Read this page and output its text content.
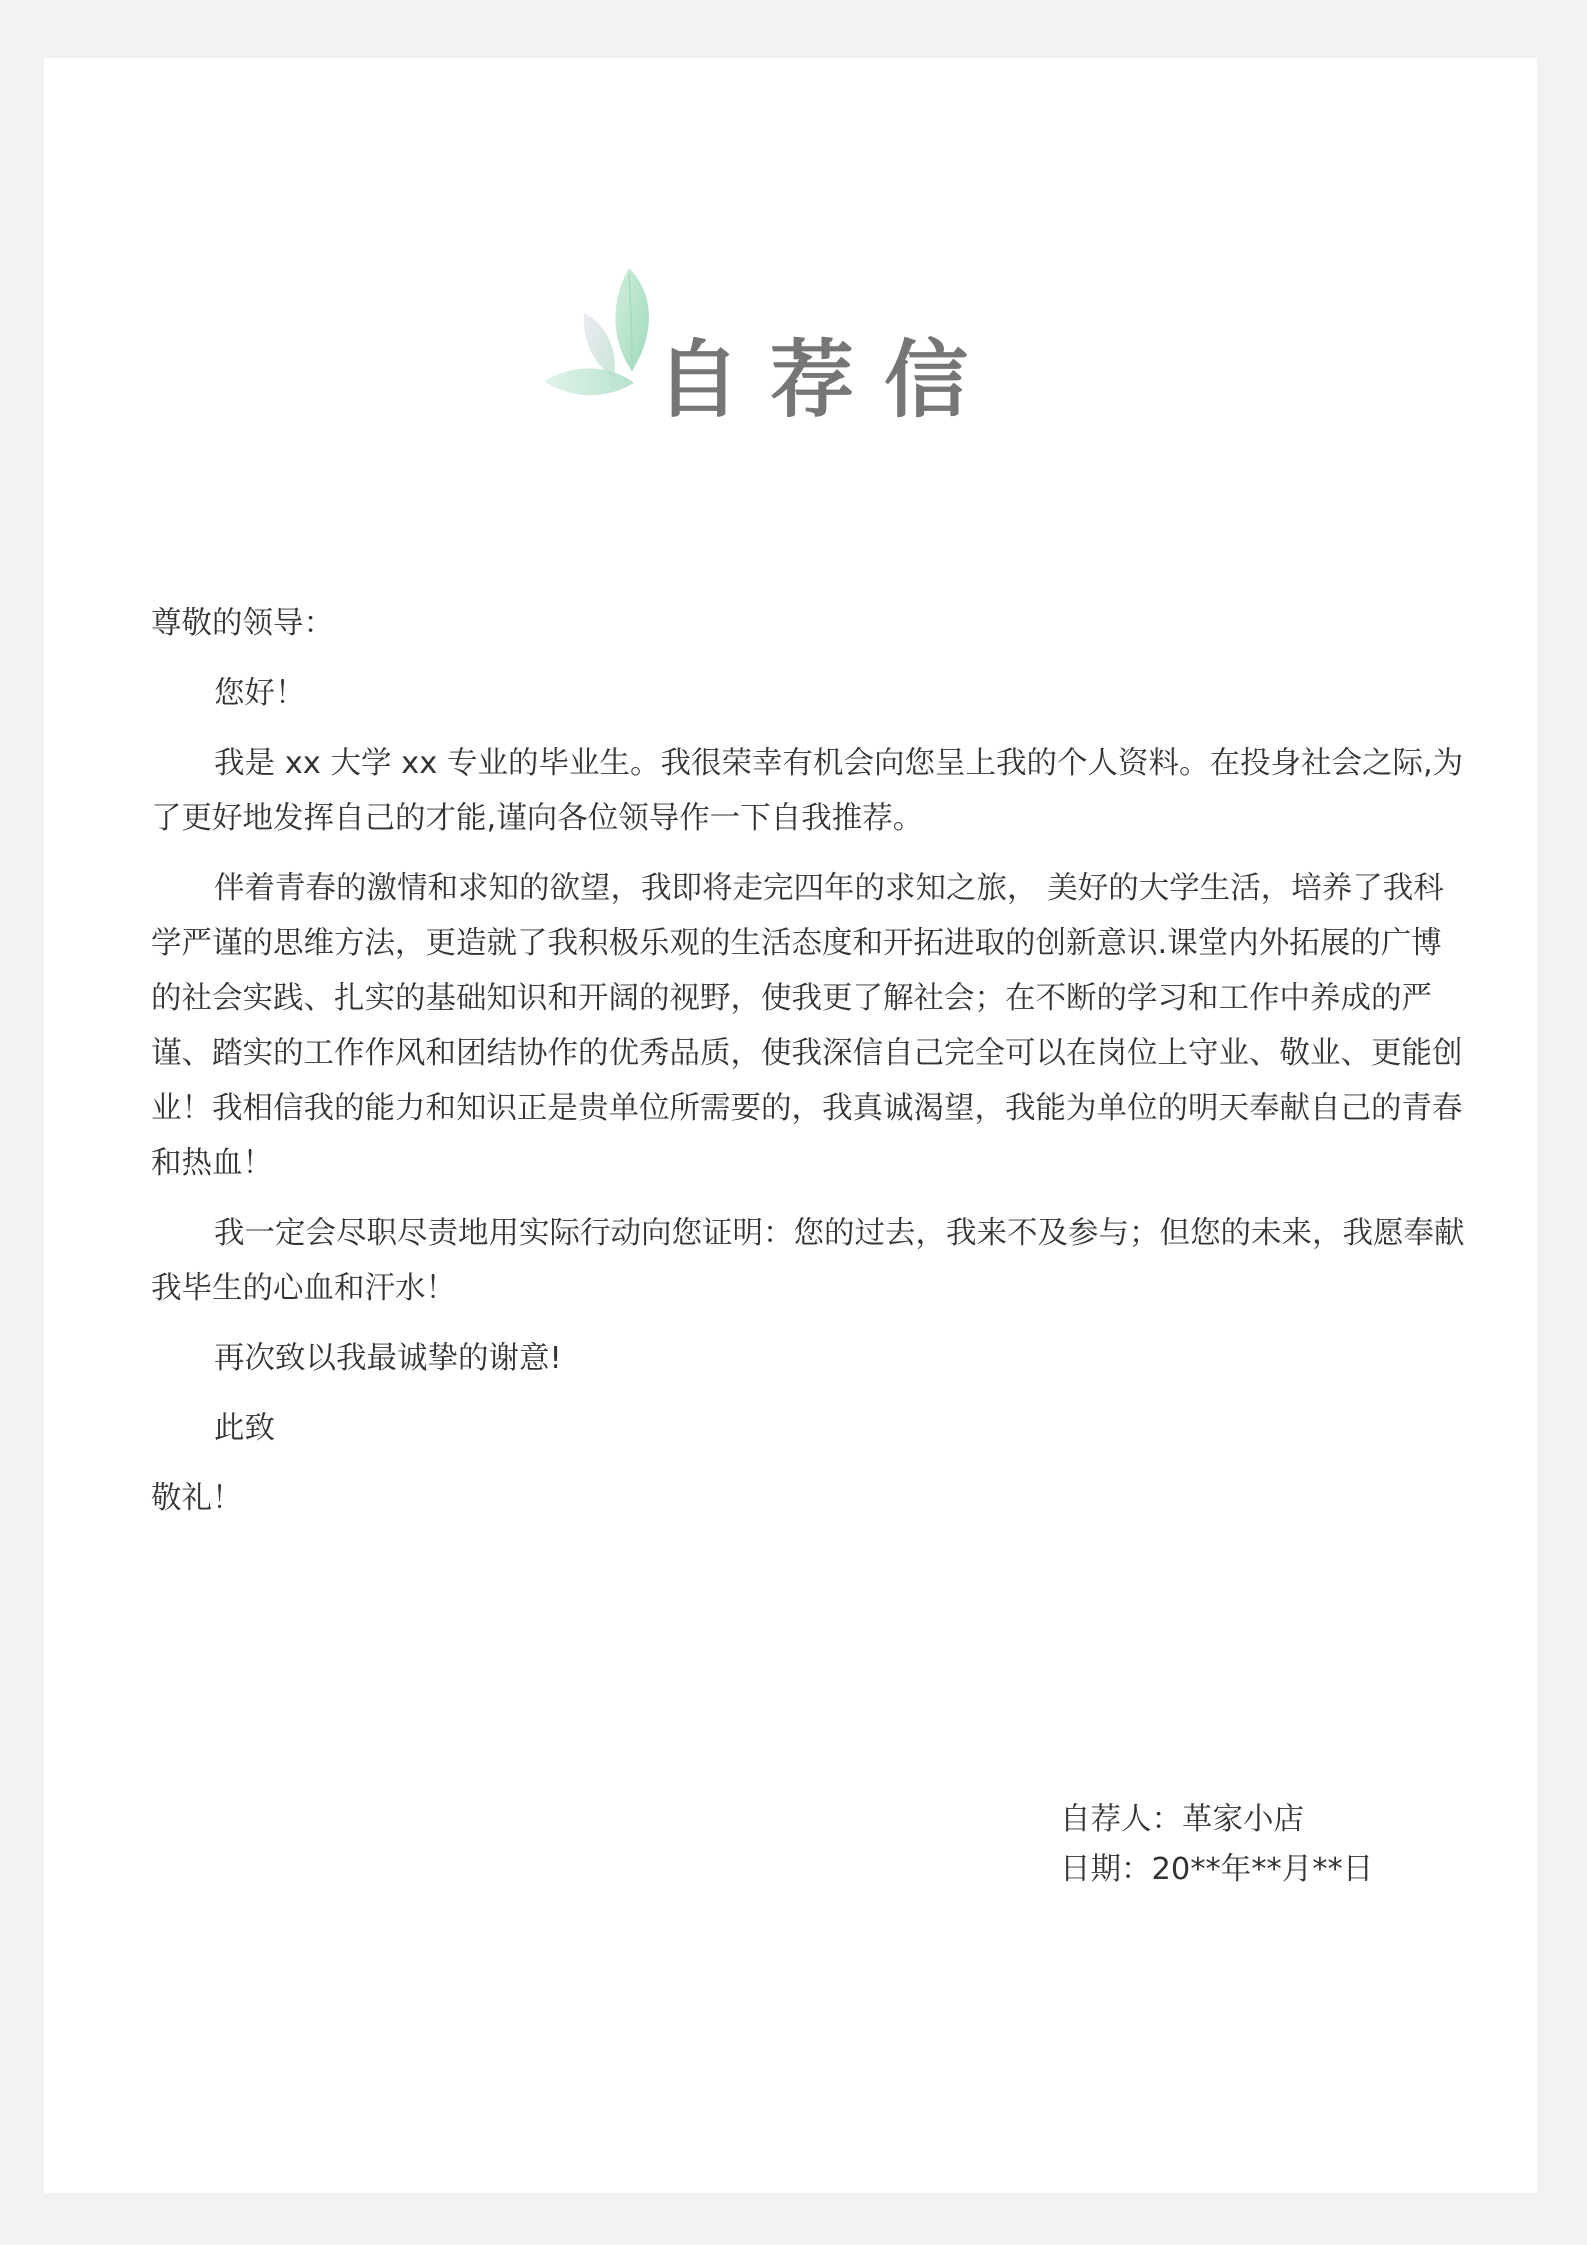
自荐信

尊敬的领导：

您好！

我是 xx 大学 xx 专业的毕业生。我很荣幸有机会向您呈上我的个人资料。在投身社会之际,为了更好地发挥自己的才能,谨向各位领导作一下自我推荐。

伴着青春的激情和求知的欲望，我即将走完四年的求知之旅， 美好的大学生活，培养了我科学严谨的思维方法，更造就了我积极乐观的生活态度和开拓进取的创新意识.课堂内外拓展的广博的社会实践、扎实的基础知识和开阔的视野，使我更了解社会；在不断的学习和工作中养成的严谨、踏实的工作作风和团结协作的优秀品质，使我深信自己完全可以在岗位上守业、敬业、更能创业！我相信我的能力和知识正是贵单位所需要的，我真诚渴望，我能为单位的明天奉献自己的青春和热血！

我一定会尽职尽责地用实际行动向您证明：您的过去，我来不及参与；但您的未来，我愿奉献我毕生的心血和汗水！

再次致以我最诚挚的谢意!

此致

敬礼！

自荐人：革家小店
日期：20**年**月**日
